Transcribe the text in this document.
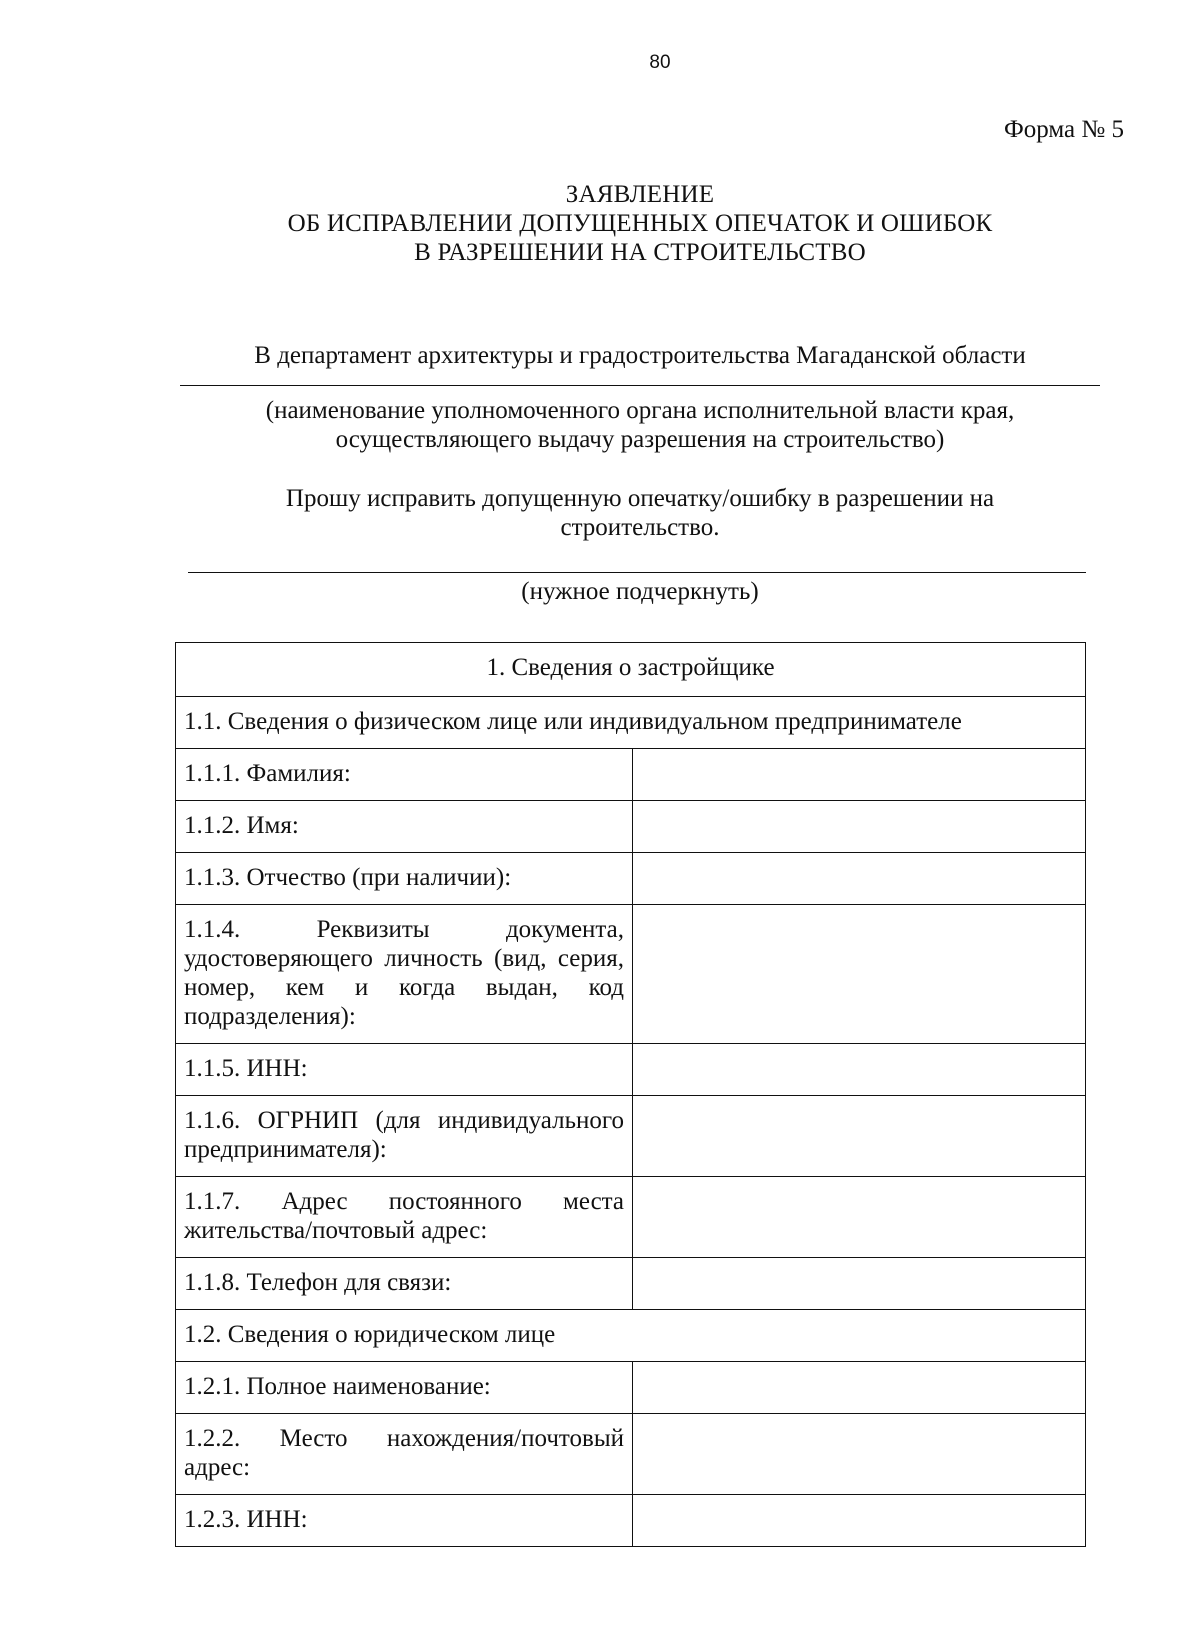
80
Форма № 5
ЗАЯВЛЕНИЕ
ОБ ИСПРАВЛЕНИИ ДОПУЩЕННЫХ ОПЕЧАТОК И ОШИБОК
В РАЗРЕШЕНИИ НА СТРОИТЕЛЬСТВО
В департамент архитектуры и градостроительства Магаданской области
(наименование уполномоченного органа исполнительной власти края,
осуществляющего выдачу разрешения на строительство)
Прошу исправить допущенную опечатку/ошибку в разрешении на
строительство.
(нужное подчеркнуть)
1. Сведения о застройщике	
1.1. Сведения о физическом лице или индивидуальном предпринимателе	
1.1.1. Фамилия:	
1.1.2. Имя:	
1.1.3. Отчество (при наличии):	
1.1.4. Реквизиты документа, удостоверяющего личность (вид, серия, номер, кем и когда выдан, код подразделения):	
1.1.5. ИНН:	
1.1.6. ОГРНИП (для индивидуального предпринимателя):	
1.1.7. Адрес постоянного места жительства/почтовый адрес:	
1.1.8. Телефон для связи:	
1.2. Сведения о юридическом лице	
1.2.1. Полное наименование:	
1.2.2. Место нахождения/почтовый адрес:	
1.2.3. ИНН:	
